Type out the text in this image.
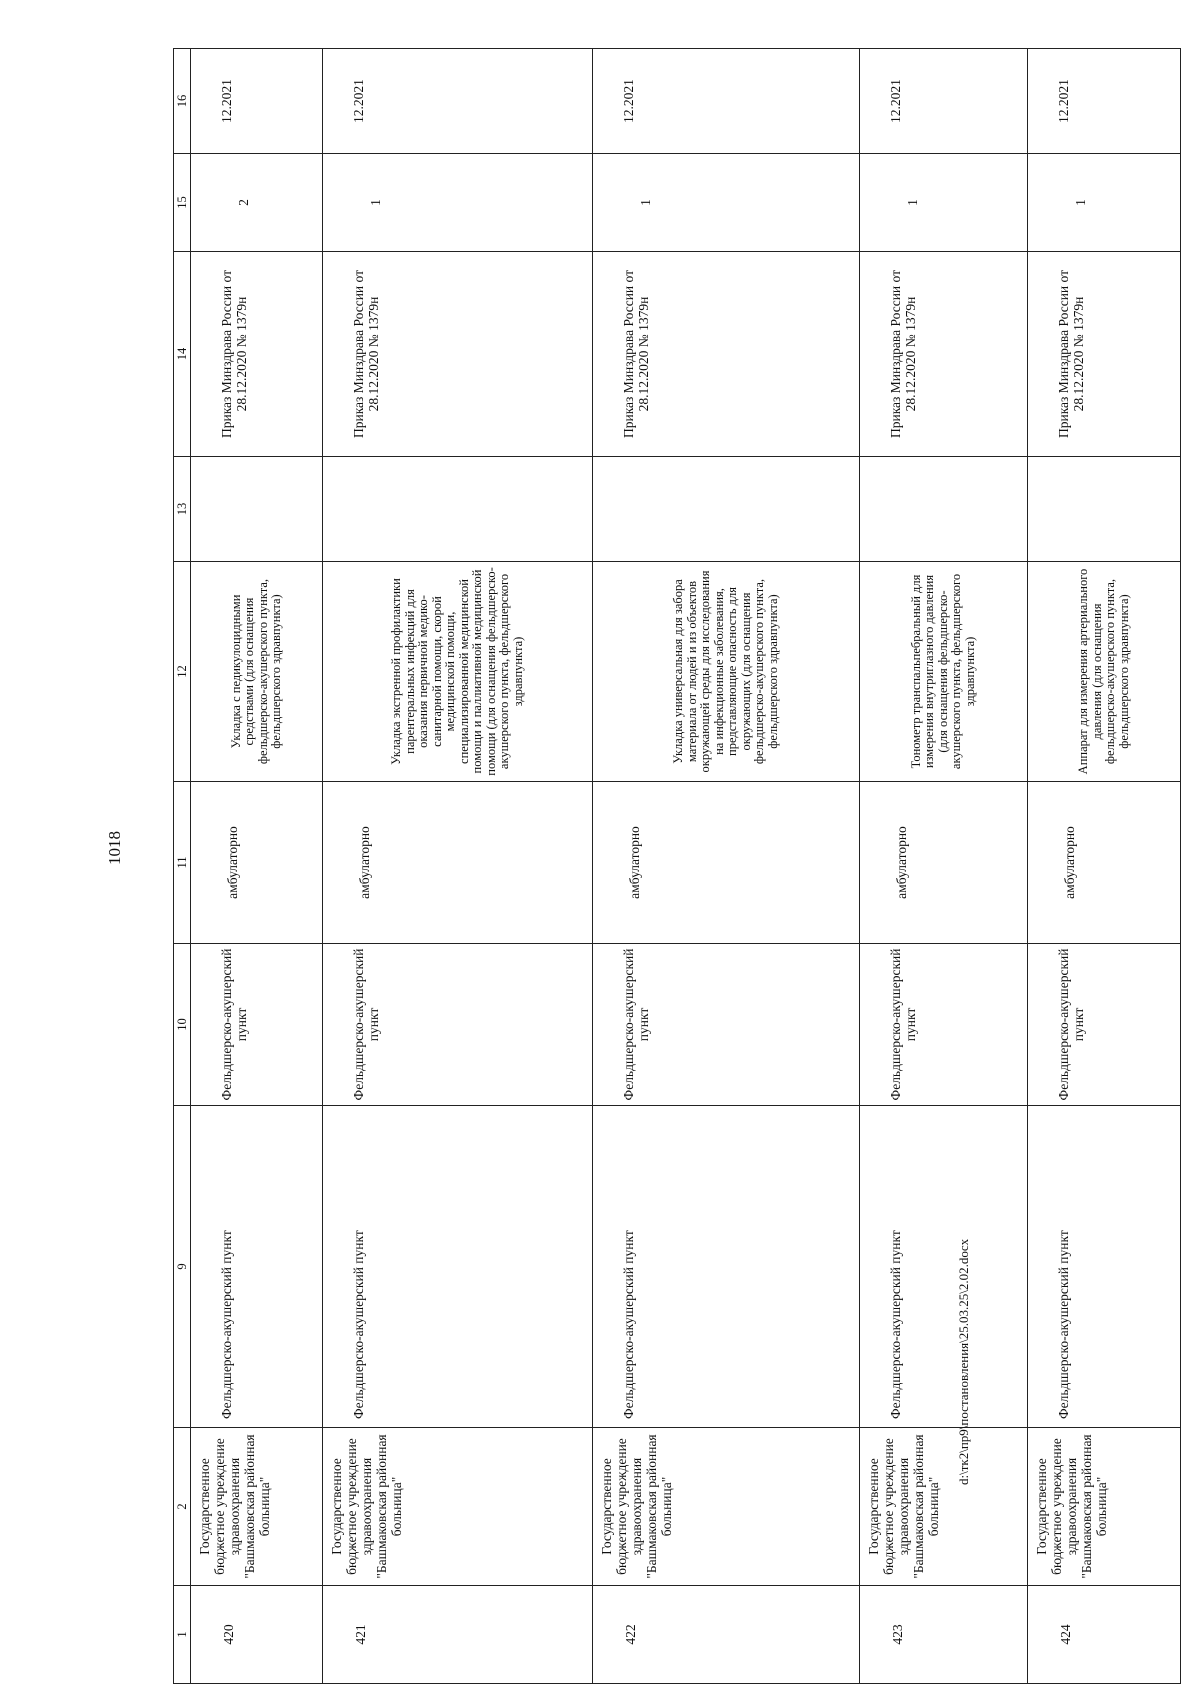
1018
1	2	9	10	11	12	13	14	15	16
420	Государственное бюджетное учреждение здравоохранения "Башмаковская районная больница"	Фельдшерско-акушерский пункт	Фельдшерско-акушерский пункт	амбулаторно	Укладка с педикулоцидными средствами (для оснащения фельдшерско-акушерского пункта, фельдшерского здравпункта)		Приказ Минздрава России от 28.12.2020 № 1379н	2	12.2021
421	Государственное бюджетное учреждение здравоохранения "Башмаковская районная больница"	Фельдшерско-акушерский пункт	Фельдшерско-акушерский пункт	амбулаторно	Укладка экстренной профилактики парентеральных инфекций для оказания первичной медико-санитарной помощи, скорой медицинской помощи, специализированной медицинской помощи и паллиативной медицинской помощи (для оснащения фельдшерско-акушерского пункта, фельдшерского здравпункта)		Приказ Минздрава России от 28.12.2020 № 1379н	1	12.2021
422	Государственное бюджетное учреждение здравоохранения "Башмаковская районная больница"	Фельдшерско-акушерский пункт	Фельдшерско-акушерский пункт	амбулаторно	Укладка универсальная для забора материала от людей и из объектов окружающей среды для исследования на инфекционные заболевания, представляющие опасность для окружающих (для оснащения фельдшерско-акушерского пункта, фельдшерского здравпункта)		Приказ Минздрава России от 28.12.2020 № 1379н	1	12.2021
423	Государственное бюджетное учреждение здравоохранения "Башмаковская районная больница"	Фельдшерско-акушерский пункт	Фельдшерско-акушерский пункт	амбулаторно	Тонометр транспальпебральный для измерения внутриглазного давления (для оснащения фельдшерско-акушерского пункта, фельдшерского здравпункта)		Приказ Минздрава России от 28.12.2020 № 1379н	1	12.2021
424	Государственное бюджетное учреждение здравоохранения "Башмаковская районная больница"	Фельдшерско-акушерский пункт	Фельдшерско-акушерский пункт	амбулаторно	Аппарат для измерения артериального давления (для оснащения фельдшерско-акушерского пункта, фельдшерского здравпункта)		Приказ Минздрава России от 28.12.2020 № 1379н	1	12.2021
d:\тк2\пр9\постановления\25.03.25\2.02.docx
